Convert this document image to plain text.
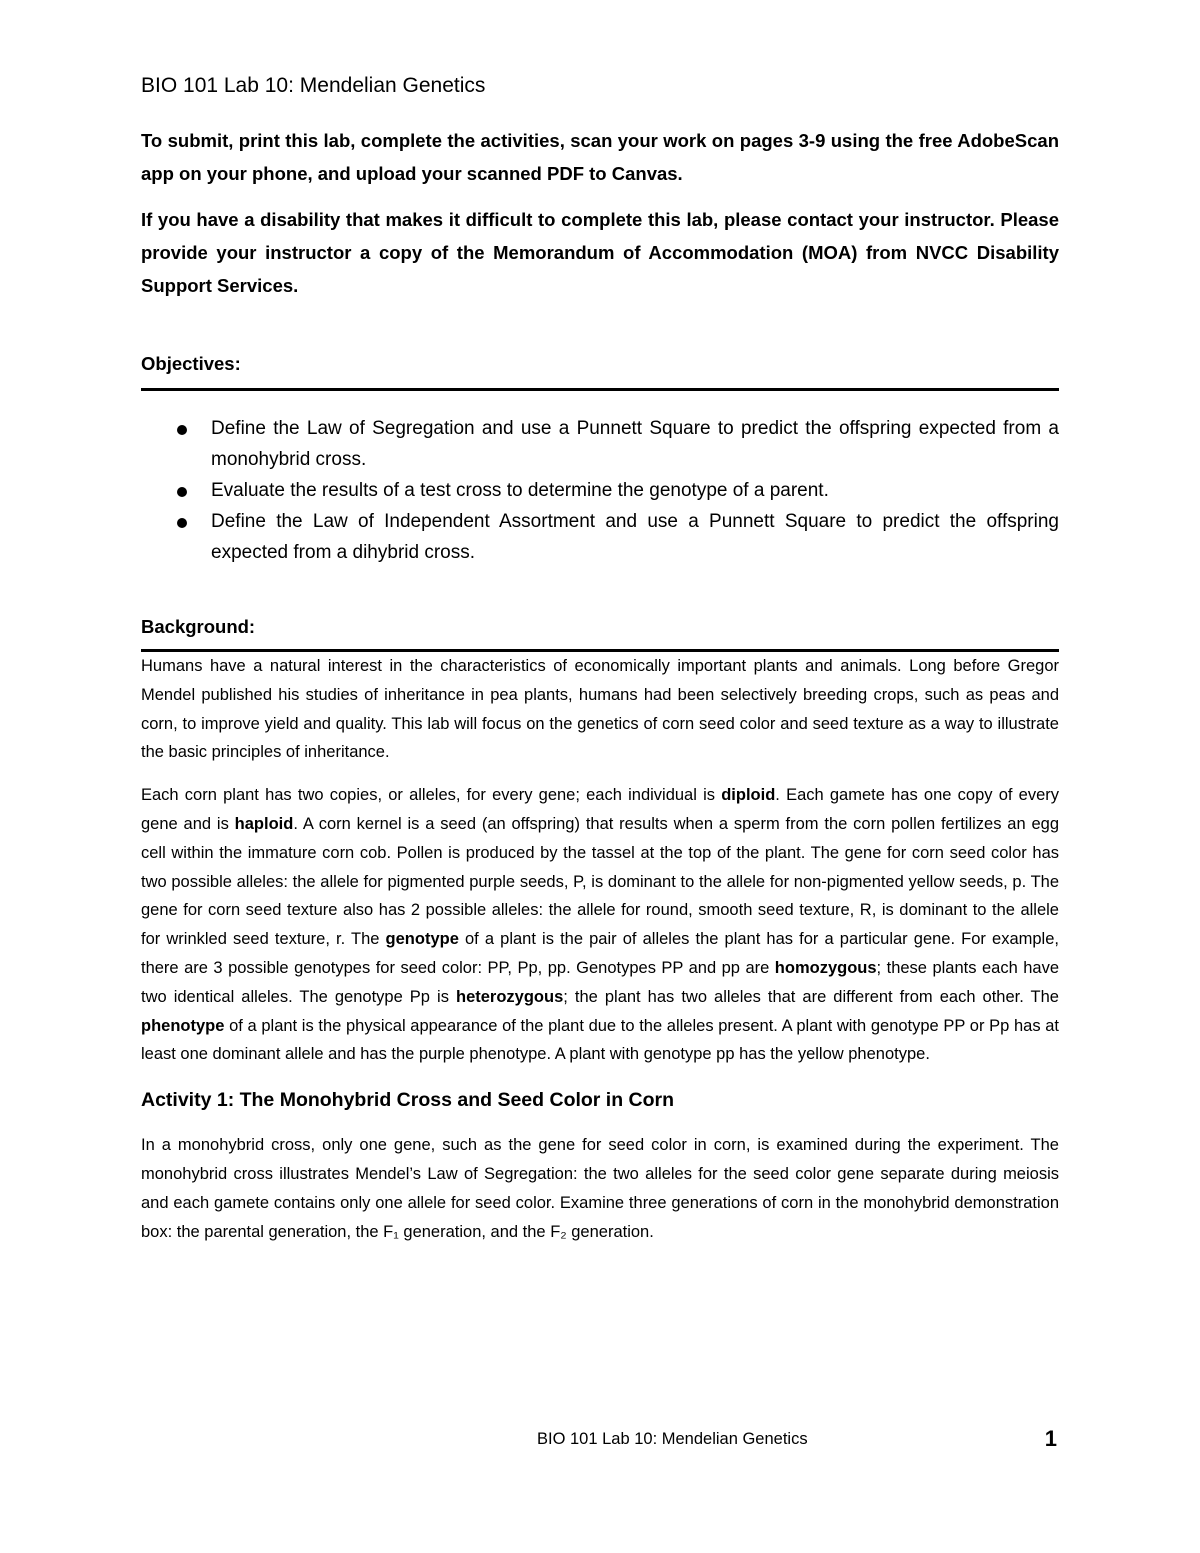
BIO 101 Lab 10: Mendelian Genetics

To submit, print this lab, complete the activities, scan your work on pages 3-9 using the free AdobeScan app on your phone, and upload your scanned PDF to Canvas.

If you have a disability that makes it difficult to complete this lab, please contact your instructor. Please provide your instructor a copy of the Memorandum of Accommodation (MOA) from NVCC Disability Support Services.

Objectives:
Define the Law of Segregation and use a Punnett Square to predict the offspring expected from a monohybrid cross.
Evaluate the results of a test cross to determine the genotype of a parent.
Define the Law of Independent Assortment and use a Punnett Square to predict the offspring expected from a dihybrid cross.
Background:

Humans have a natural interest in the characteristics of economically important plants and animals. Long before Gregor Mendel published his studies of inheritance in pea plants, humans had been selectively breeding crops, such as peas and corn, to improve yield and quality. This lab will focus on the genetics of corn seed color and seed texture as a way to illustrate the basic principles of inheritance.

Each corn plant has two copies, or alleles, for every gene; each individual is diploid. Each gamete has one copy of every gene and is haploid. A corn kernel is a seed (an offspring) that results when a sperm from the corn pollen fertilizes an egg cell within the immature corn cob. Pollen is produced by the tassel at the top of the plant. The gene for corn seed color has two possible alleles: the allele for pigmented purple seeds, P, is dominant to the allele for non-pigmented yellow seeds, p. The gene for corn seed texture also has 2 possible alleles: the allele for round, smooth seed texture, R, is dominant to the allele for wrinkled seed texture, r. The genotype of a plant is the pair of alleles the plant has for a particular gene. For example, there are 3 possible genotypes for seed color: PP, Pp, pp. Genotypes PP and pp are homozygous; these plants each have two identical alleles. The genotype Pp is heterozygous; the plant has two alleles that are different from each other. The phenotype of a plant is the physical appearance of the plant due to the alleles present. A plant with genotype PP or Pp has at least one dominant allele and has the purple phenotype. A plant with genotype pp has the yellow phenotype.

Activity 1: The Monohybrid Cross and Seed Color in Corn

In a monohybrid cross, only one gene, such as the gene for seed color in corn, is examined during the experiment. The monohybrid cross illustrates Mendel’s Law of Segregation: the two alleles for the seed color gene separate during meiosis and each gamete contains only one allele for seed color. Examine three generations of corn in the monohybrid demonstration box: the parental generation, the F₁ generation, and the F₂ generation.

BIO 101 Lab 10: Mendelian Genetics	1
